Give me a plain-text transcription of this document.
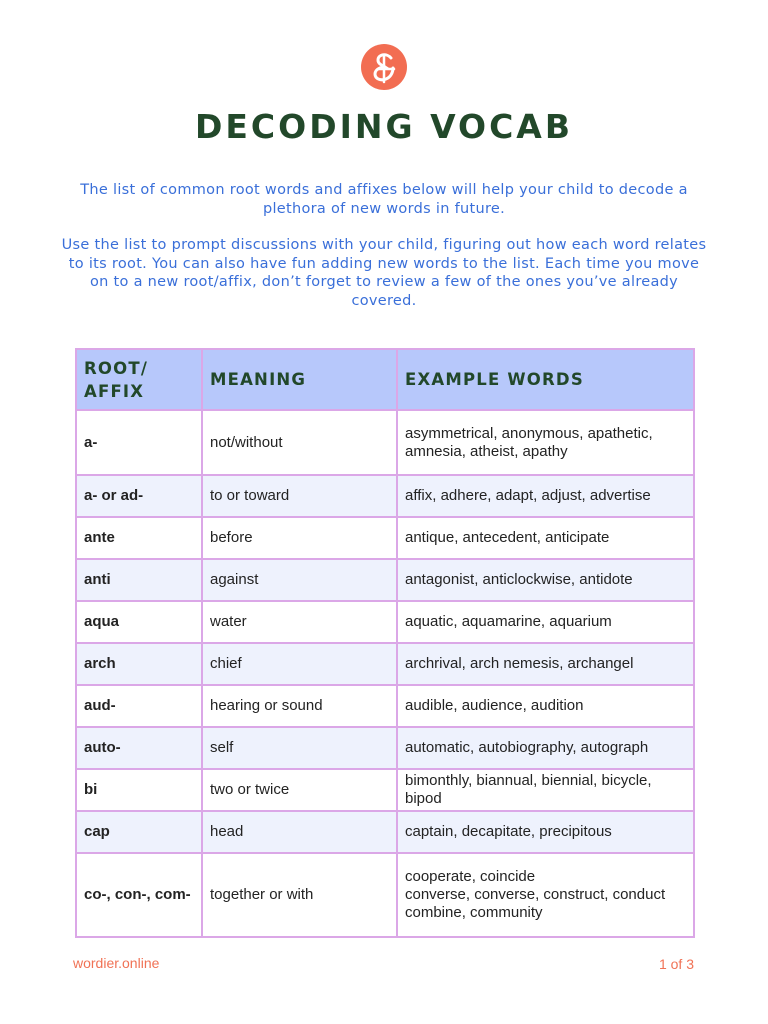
DECODING VOCAB

The list of common root words and affixes below will help your child to decode a plethora of new words in future.

Use the list to prompt discussions with your child, figuring out how each word relates to its root. You can also have fun adding new words to the list. Each time you move on to a new root/affix, don’t forget to review a few of the ones you’ve already covered.

ROOT/
AFFIX	MEANING	EXAMPLE WORDS
a-	not/without	asymmetrical, anonymous, apathetic, amnesia, atheist, apathy
a- or ad-	to or toward	affix, adhere, adapt, adjust, advertise
ante	before	antique, antecedent, anticipate
anti	against	antagonist, anticlockwise, antidote
aqua	water	aquatic, aquamarine, aquarium
arch	chief	archrival, arch nemesis, archangel
aud-	hearing or sound	audible, audience, audition
auto-	self	automatic, autobiography, autograph
bi	two or twice	bimonthly, biannual, biennial, bicycle, bipod
cap	head	captain, decapitate, precipitous
co-, con-, com-	together or with	cooperate, coincide
converse, converse, construct, conduct
combine, community
wordier.online	1 of 3
